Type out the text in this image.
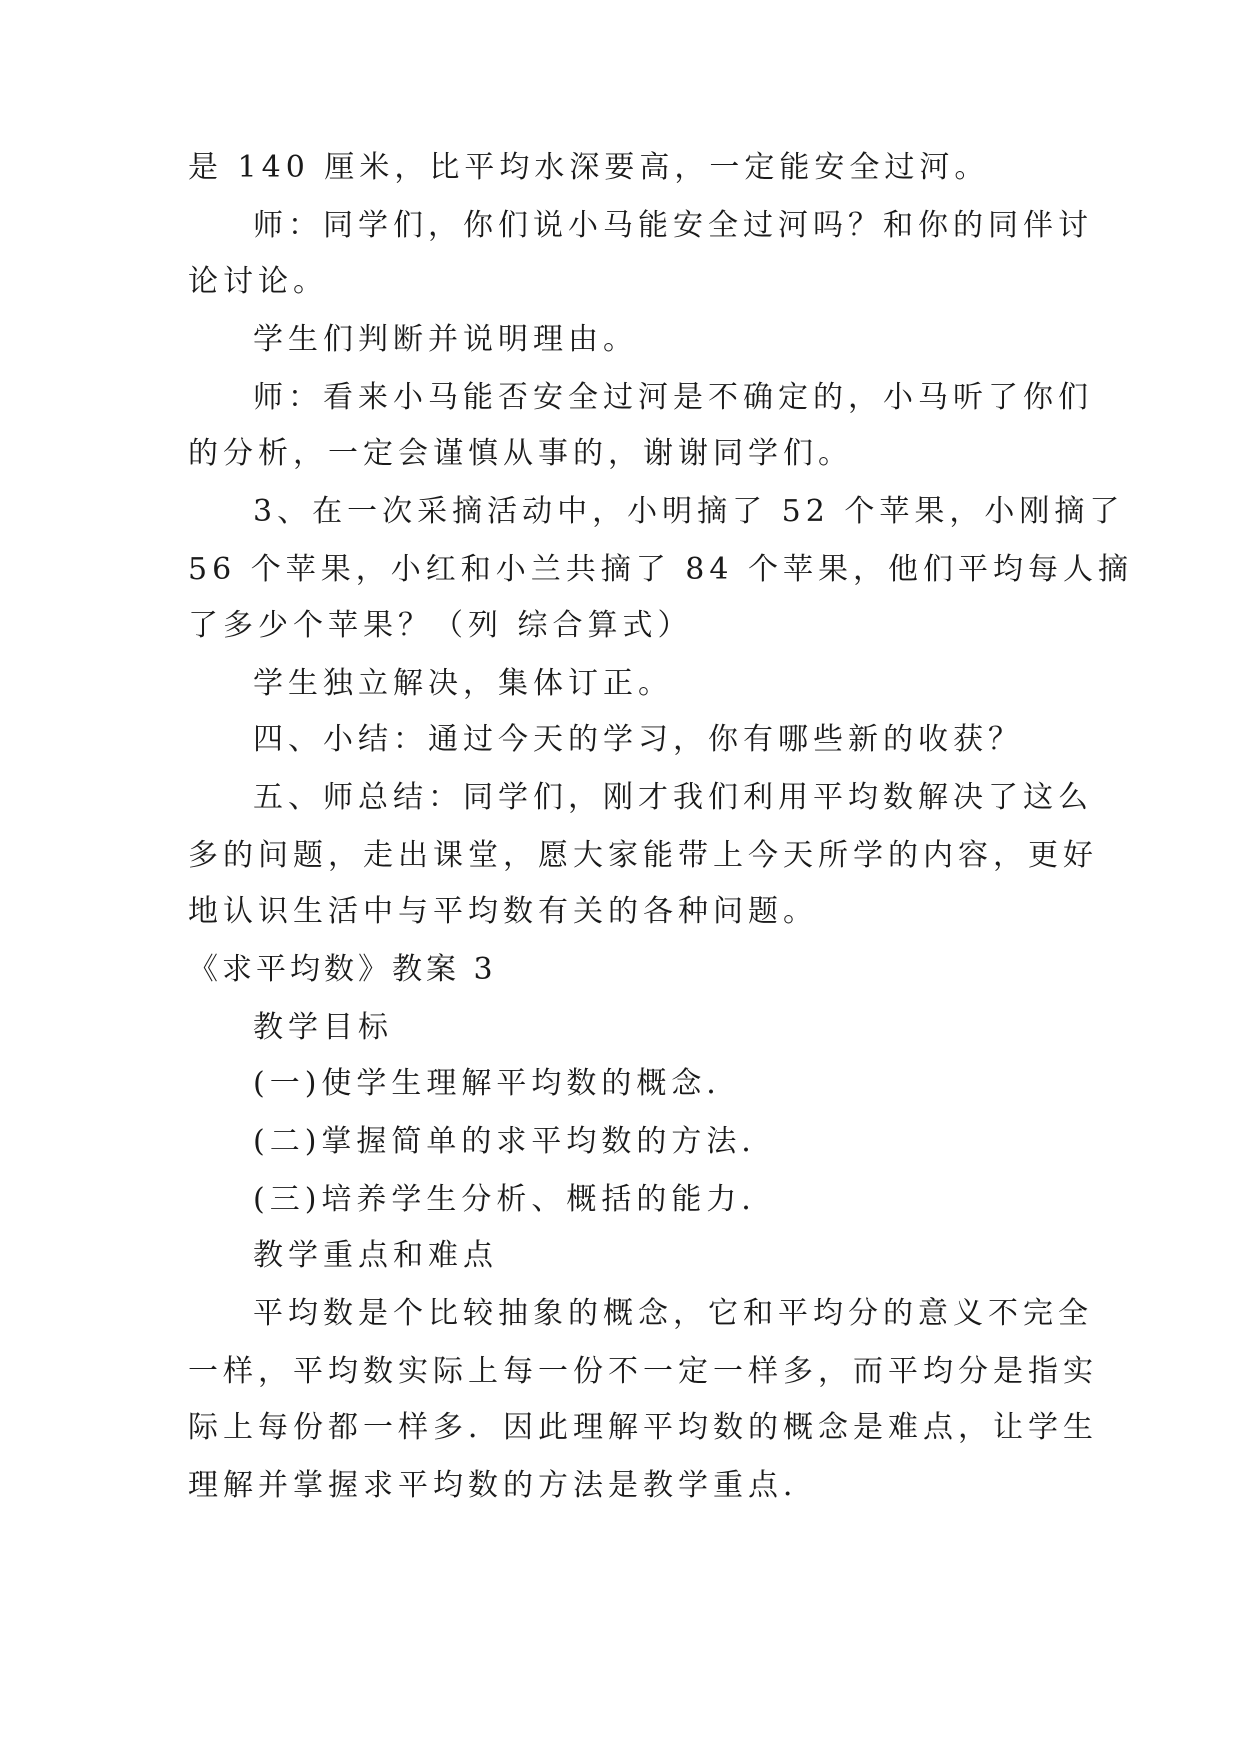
是 140 厘米，比平均水深要高，一定能安全过河。
师：同学们，你们说小马能安全过河吗？和你的同伴讨
论讨论。
学生们判断并说明理由。
师：看来小马能否安全过河是不确定的，小马听了你们
的分析，一定会谨慎从事的，谢谢同学们。
3、在一次采摘活动中，小明摘了 52 个苹果，小刚摘了
56 个苹果，小红和小兰共摘了 84 个苹果，他们平均每人摘
了多少个苹果？（列 综合算式）
学生独立解决，集体订正。
四、小结：通过今天的学习，你有哪些新的收获？
五、师总结：同学们，刚才我们利用平均数解决了这么
多的问题，走出课堂，愿大家能带上今天所学的内容，更好
地认识生活中与平均数有关的各种问题。
《求平均数》教案 3
教学目标
(一)使学生理解平均数的概念．
(二)掌握简单的求平均数的方法．
(三)培养学生分析、概括的能力．
教学重点和难点
平均数是个比较抽象的概念，它和平均分的意义不完全
一样，平均数实际上每一份不一定一样多，而平均分是指实
际上每份都一样多．因此理解平均数的概念是难点，让学生
理解并掌握求平均数的方法是教学重点．
